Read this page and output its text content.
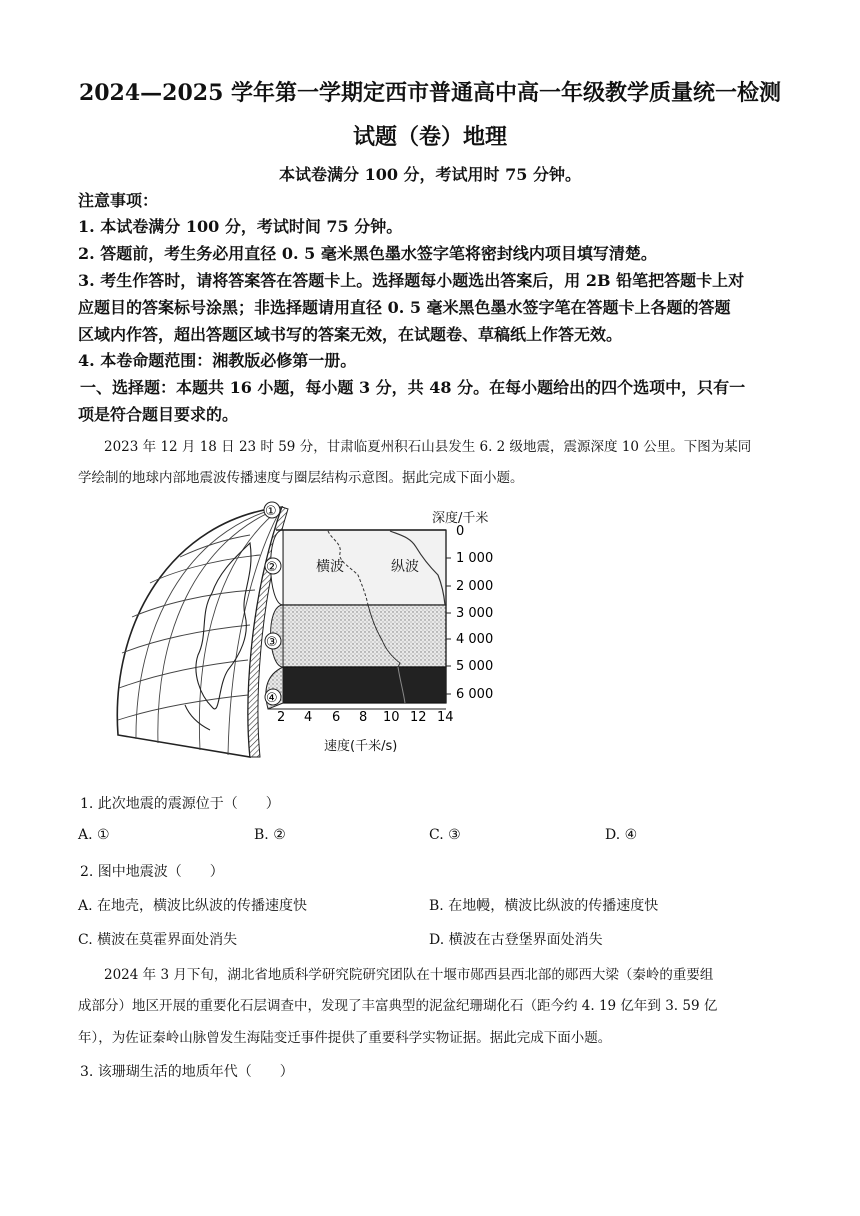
2024—2025 学年第一学期定西市普通高中高一年级教学质量统一检测
试题（卷）地理
本试卷满分 100 分，考试用时 75 分钟。
注意事项：
1. 本试卷满分 100 分，考试时间 75 分钟。
2. 答题前，考生务必用直径 0. 5 毫米黑色墨水签字笔将密封线内项目填写清楚。
3. 考生作答时，请将答案答在答题卡上。选择题每小题选出答案后，用 2B 铅笔把答题卡上对
应题目的答案标号涂黑；非选择题请用直径 0. 5 毫米黑色墨水签字笔在答题卡上各题的答题
区域内作答，超出答题区域书写的答案无效，在试题卷、草稿纸上作答无效。
4. 本卷命题范围：湘教版必修第一册。
一、选择题：本题共 16 小题，每小题 3 分，共 48 分。在每小题给出的四个选项中，只有一
项是符合题目要求的。
2023 年 12 月 18 日 23 时 59 分，甘肃临夏州积石山县发生 6. 2 级地震，震源深度 10 公里。下图为某同
学绘制的地球内部地震波传播速度与圈层结构示意图。据此完成下面小题。
横波	纵波
深度/千米
0
1 000
2 000
3 000
4 000
5 000
6 000
2 4 6 8 10 12 14
速度(千米/s)
①
②
③
④
1. 此次地震的震源位于（　　）
A. ①	B. ②	C. ③	D. ④
2. 图中地震波（　　）
A. 在地壳，横波比纵波的传播速度快	B. 在地幔，横波比纵波的传播速度快
C. 横波在莫霍界面处消失	D. 横波在古登堡界面处消失
2024 年 3 月下旬，湖北省地质科学研究院研究团队在十堰市郧西县西北部的郧西大梁（秦岭的重要组
成部分）地区开展的重要化石层调查中，发现了丰富典型的泥盆纪珊瑚化石（距今约 4. 19 亿年到 3. 59 亿
年），为佐证秦岭山脉曾发生海陆变迁事件提供了重要科学实物证据。据此完成下面小题。
3. 该珊瑚生活的地质年代（　　）
